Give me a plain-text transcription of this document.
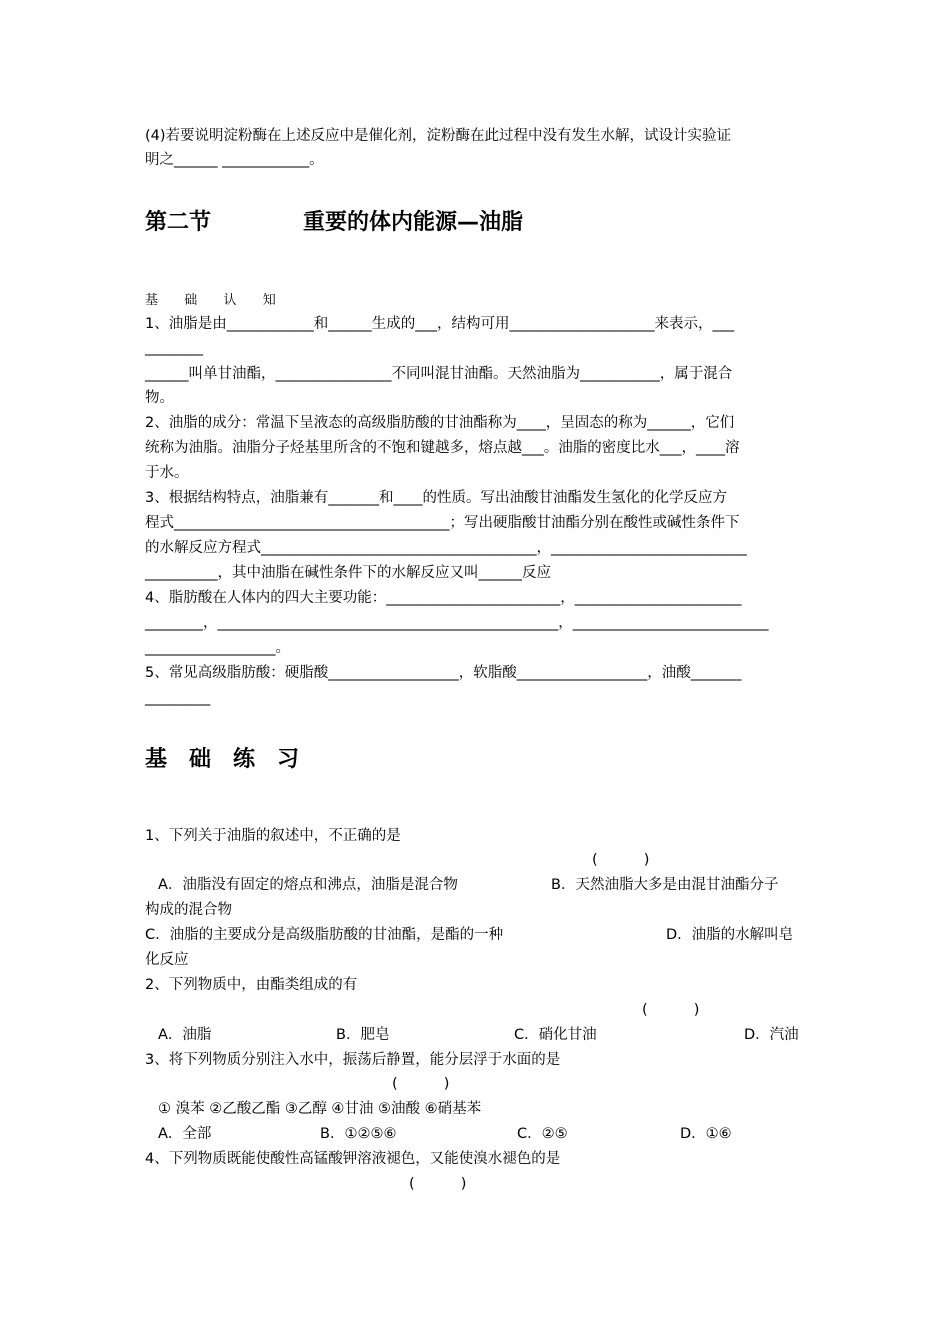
(4)若要说明淀粉酶在上述反应中是催化剂，淀粉酶在此过程中没有发生水解，试设计实验证
明之______ ____________。
第二节	重要的体内能源—油脂
基  础  认  知
1、油脂是由____________和______生成的___，结构可用____________________来表示，___
________
______叫单甘油酯，________________不同叫混甘油酯。天然油脂为___________，属于混合
物。
2、油脂的成分：常温下呈液态的高级脂肪酸的甘油酯称为____，呈固态的称为______，它们
统称为油脂。油脂分子烃基里所含的不饱和键越多，熔点越___。油脂的密度比水___，____溶
于水。
3、根据结构特点，油脂兼有_______和____的性质。写出油酸甘油酯发生氢化的化学反应方
程式______________________________________；写出硬脂酸甘油酯分别在酸性或碱性条件下
的水解反应方程式______________________________________，___________________________
__________，其中油脂在碱性条件下的水解反应又叫______反应
4、脂肪酸在人体内的四大主要功能：________________________，_______________________
________，_______________________________________________，___________________________
__________________。
5、常见高级脂肪酸：硬脂酸__________________，软脂酸__________________，油酸_______
_________
基础练习
1、下列关于油脂的叙述中，不正确的是
(          )
A．油脂没有固定的熔点和沸点，油脂是混合物	B．天然油脂大多是由混甘油酯分子
构成的混合物
C．油脂的主要成分是高级脂肪酸的甘油酯，是酯的一种	D．油脂的水解叫皂
化反应
2、下列物质中，由酯类组成的有
(          )
A．油脂	B．肥皂	C．硝化甘油	D．汽油
3、将下列物质分别注入水中，振荡后静置，能分层浮于水面的是
(          )
① 溴苯 ②乙酸乙酯 ③乙醇 ④甘油 ⑤油酸 ⑥硝基苯
A．全部	B．①②⑤⑥	C．②⑤	D．①⑥
4、下列物质既能使酸性高锰酸钾溶液褪色，又能使溴水褪色的是
(          )
